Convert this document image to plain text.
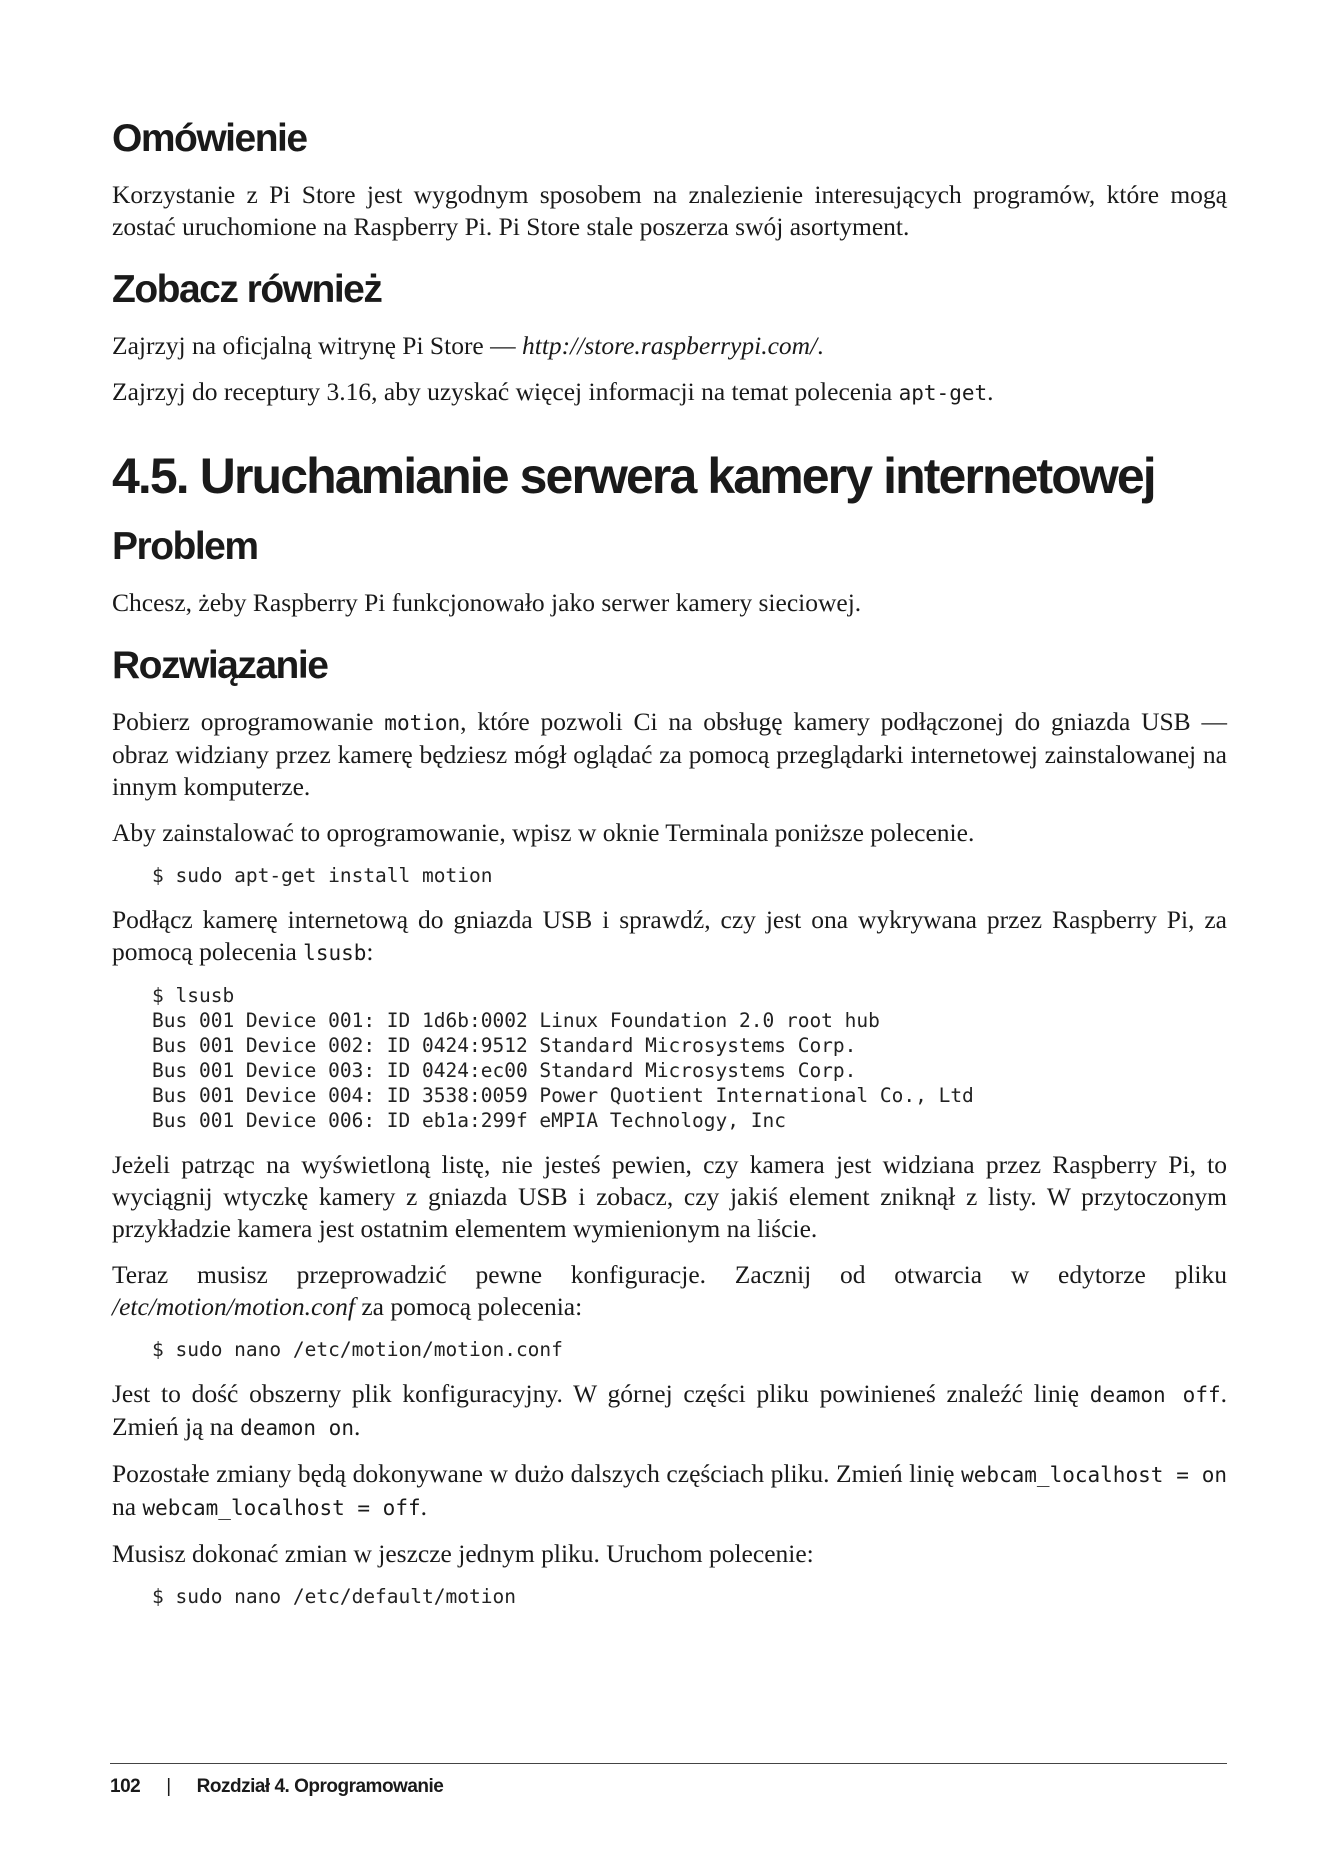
Omówienie

Korzystanie z Pi Store jest wygodnym sposobem na znalezienie interesujących programów, które mogą zostać uruchomione na Raspberry Pi. Pi Store stale poszerza swój asortyment.

Zobacz również

Zajrzyj na oficjalną witrynę Pi Store — http://store.raspberrypi.com/.

Zajrzyj do receptury 3.16, aby uzyskać więcej informacji na temat polecenia apt-get.

4.5. Uruchamianie serwera kamery internetowej
Problem

Chcesz, żeby Raspberry Pi funkcjonowało jako serwer kamery sieciowej.

Rozwiązanie

Pobierz oprogramowanie motion, które pozwoli Ci na obsługę kamery podłączonej do gniazda USB — obraz widziany przez kamerę będziesz mógł oglądać za pomocą przeglądarki internetowej zainstalowanej na innym komputerze.

Aby zainstalować to oprogramowanie, wpisz w oknie Terminala poniższe polecenie.

$ sudo apt-get install motion

Podłącz kamerę internetową do gniazda USB i sprawdź, czy jest ona wykrywana przez Raspberry Pi, za pomocą polecenia lsusb:

$ lsusb
Bus 001 Device 001: ID 1d6b:0002 Linux Foundation 2.0 root hub
Bus 001 Device 002: ID 0424:9512 Standard Microsystems Corp.
Bus 001 Device 003: ID 0424:ec00 Standard Microsystems Corp.
Bus 001 Device 004: ID 3538:0059 Power Quotient International Co., Ltd
Bus 001 Device 006: ID eb1a:299f eMPIA Technology, Inc

Jeżeli patrząc na wyświetloną listę, nie jesteś pewien, czy kamera jest widziana przez Raspberry Pi, to wyciągnij wtyczkę kamery z gniazda USB i zobacz, czy jakiś element zniknął z listy. W przytoczonym przykładzie kamera jest ostatnim elementem wymienionym na liście.

Teraz musisz przeprowadzić pewne konfiguracje. Zacznij od otwarcia w edytorze pliku /etc/motion/motion.conf za pomocą polecenia:

$ sudo nano /etc/motion/motion.conf

Jest to dość obszerny plik konfiguracyjny. W górnej części pliku powinieneś znaleźć linię deamon off. Zmień ją na deamon on.

Pozostałe zmiany będą dokonywane w dużo dalszych częściach pliku. Zmień linię webcam_localhost = on na webcam_localhost = off.

Musisz dokonać zmian w jeszcze jednym pliku. Uruchom polecenie:

$ sudo nano /etc/default/motion
102 | Rozdział 4. Oprogramowanie
